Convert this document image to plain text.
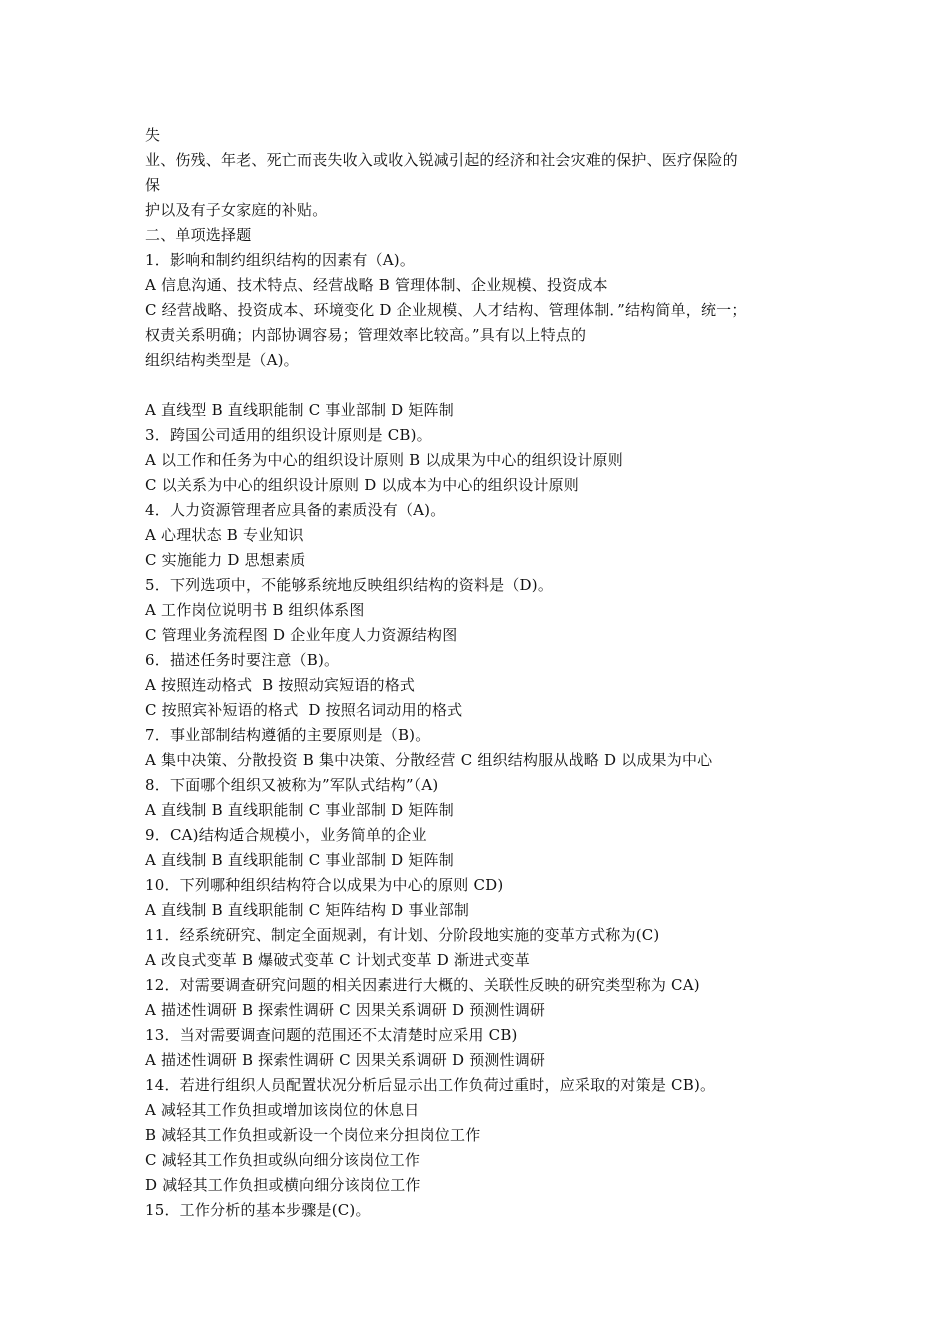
失
业、伤残、年老、死亡而丧失收入或收入锐减引起的经济和社会灾难的保护、医疗保险的
保
护以及有子女家庭的补贴。
二、单项选择题
1．影响和制约组织结构的因素有（A)。
A 信息沟通、技术特点、经营战略 B 管理体制、企业规模、投资成本
C 经营战略、投资成本、环境变化 D 企业规模、人才结构、管理体制．”结构简单，统一；
权责关系明确；内部协调容易；管理效率比较高。”具有以上特点的
组织结构类型是（A)。
A 直线型 B 直线职能制 C 事业部制 D 矩阵制
3．跨国公司适用的组织设计原则是 CB)。
A 以工作和任务为中心的组织设计原则 B 以成果为中心的组织设计原则
C 以关系为中心的组织设计原则 D 以成本为中心的组织设计原则
4．人力资源管理者应具备的素质没有（A)。
A 心理状态 B 专业知识
C 实施能力 D 思想素质
5．下列选项中，不能够系统地反映组织结构的资料是（D)。
A 工作岗位说明书 B 组织体系图
C 管理业务流程图 D 企业年度人力资源结构图
6．描述任务时要注意（B)。
A 按照连动格式  B 按照动宾短语的格式
C 按照宾补短语的格式  D 按照名词动用的格式
7．事业部制结构遵循的主要原则是（B)。
A 集中决策、分散投资 B 集中决策、分散经营 C 组织结构服从战略 D 以成果为中心
8．下面哪个组织又被称为”军队式结构”（A)
A 直线制 B 直线职能制 C 事业部制 D 矩阵制
9．CA)结构适合规模小，业务简单的企业
A 直线制 B 直线职能制 C 事业部制 D 矩阵制
10．下列哪种组织结构符合以成果为中心的原则 CD)
A 直线制 B 直线职能制 C 矩阵结构 D 事业部制
11．经系统研究、制定全面规剥，有计划、分阶段地实施的变革方式称为(C)
A 改良式变革 B 爆破式变革 C 计划式变革 D 渐进式变革
12．对需要调查研究问题的相关因素进行大概的、关联性反映的研究类型称为 CA)
A 描述性调研 B 探索性调研 C 因果关系调研 D 预测性调研
13．当对需要调查问题的范围还不太清楚时应采用 CB)
A 描述性调研 B 探索性调研 C 因果关系调研 D 预测性调研
14．若进行组织人员配置状况分析后显示出工作负荷过重时，应采取的对策是 CB)。
A 减轻其工作负担或增加该岗位的休息日
B 减轻其工作负担或新设一个岗位来分担岗位工作
C 减轻其工作负担或纵向细分该岗位工作
D 减轻其工作负担或横向细分该岗位工作
15．工作分析的基本步骤是(C)。
